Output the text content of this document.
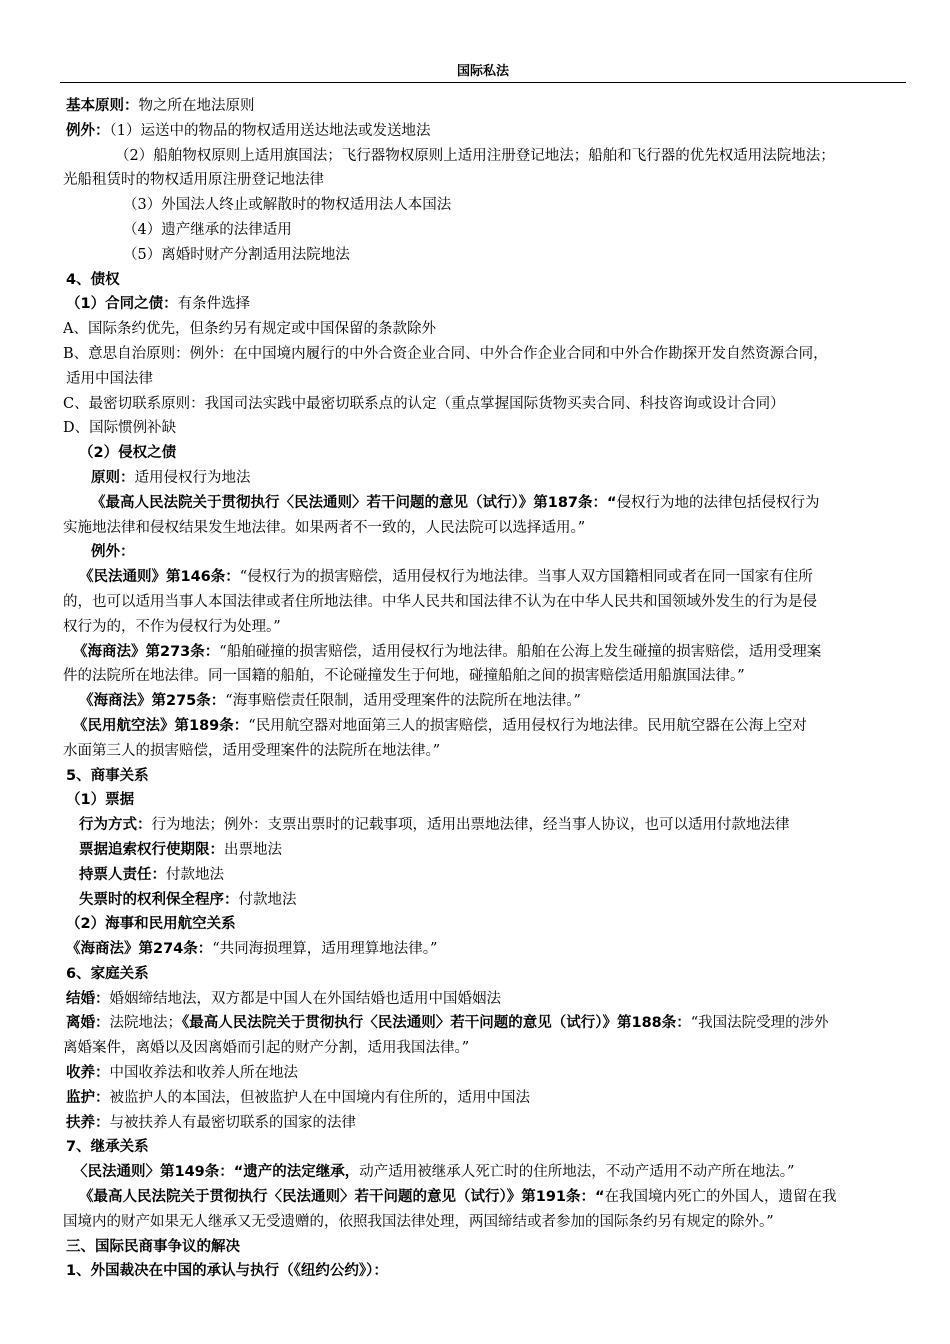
国际私法
基本原则：物之所在地法原则
例外：（1）运送中的物品的物权适用送达地法或发送地法
（2）船舶物权原则上适用旗国法；飞行器物权原则上适用注册登记地法；船舶和飞行器的优先权适用法院地法；
光船租赁时的物权适用原注册登记地法律
（3）外国法人终止或解散时的物权适用法人本国法
（4）遗产继承的法律适用
（5）离婚时财产分割适用法院地法
4、债权
（1）合同之债：有条件选择
A、国际条约优先，但条约另有规定或中国保留的条款除外
B、意思自治原则：例外：在中国境内履行的中外合资企业合同、中外合作企业合同和中外合作勘探开发自然资源合同，
适用中国法律
C、最密切联系原则：我国司法实践中最密切联系点的认定（重点掌握国际货物买卖合同、科技咨询或设计合同）
D、国际惯例补缺
（2）侵权之债
原则：适用侵权行为地法
《最高人民法院关于贯彻执行〈民法通则〉若干问题的意见（试行）》第187条：“侵权行为地的法律包括侵权行为
实施地法律和侵权结果发生地法律。如果两者不一致的，人民法院可以选择适用。”
例外：
《民法通则》第146条：“侵权行为的损害赔偿，适用侵权行为地法律。当事人双方国籍相同或者在同一国家有住所
的，也可以适用当事人本国法律或者住所地法律。中华人民共和国法律不认为在中华人民共和国领域外发生的行为是侵
权行为的，不作为侵权行为处理。”
《海商法》第273条：“船舶碰撞的损害赔偿，适用侵权行为地法律。船舶在公海上发生碰撞的损害赔偿，适用受理案
件的法院所在地法律。同一国籍的船舶，不论碰撞发生于何地，碰撞船舶之间的损害赔偿适用船旗国法律。”
《海商法》第275条：“海事赔偿责任限制，适用受理案件的法院所在地法律。”
《民用航空法》第189条：“民用航空器对地面第三人的损害赔偿，适用侵权行为地法律。民用航空器在公海上空对
水面第三人的损害赔偿，适用受理案件的法院所在地法律。”
5、商事关系
（1）票据
行为方式：行为地法；例外：支票出票时的记载事项，适用出票地法律，经当事人协议，也可以适用付款地法律
票据追索权行使期限：出票地法
持票人责任：付款地法
失票时的权利保全程序：付款地法
（2）海事和民用航空关系
《海商法》第274条：“共同海损理算，适用理算地法律。”
6、家庭关系
结婚：婚姻缔结地法，双方都是中国人在外国结婚也适用中国婚姻法
离婚：法院地法；《最高人民法院关于贯彻执行〈民法通则〉若干问题的意见（试行）》第188条：“我国法院受理的涉外
离婚案件，离婚以及因离婚而引起的财产分割，适用我国法律。”
收养：中国收养法和收养人所在地法
监护：被监护人的本国法，但被监护人在中国境内有住所的，适用中国法
扶养：与被扶养人有最密切联系的国家的法律
7、继承关系
〈民法通则〉第149条：“遗产的法定继承，动产适用被继承人死亡时的住所地法，不动产适用不动产所在地法。”
《最高人民法院关于贯彻执行〈民法通则〉若干问题的意见（试行）》第191条：“在我国境内死亡的外国人，遗留在我
国境内的财产如果无人继承又无受遗赠的，依照我国法律处理，两国缔结或者参加的国际条约另有规定的除外。”
三、国际民商事争议的解决
1、外国裁决在中国的承认与执行（《纽约公约》）：
